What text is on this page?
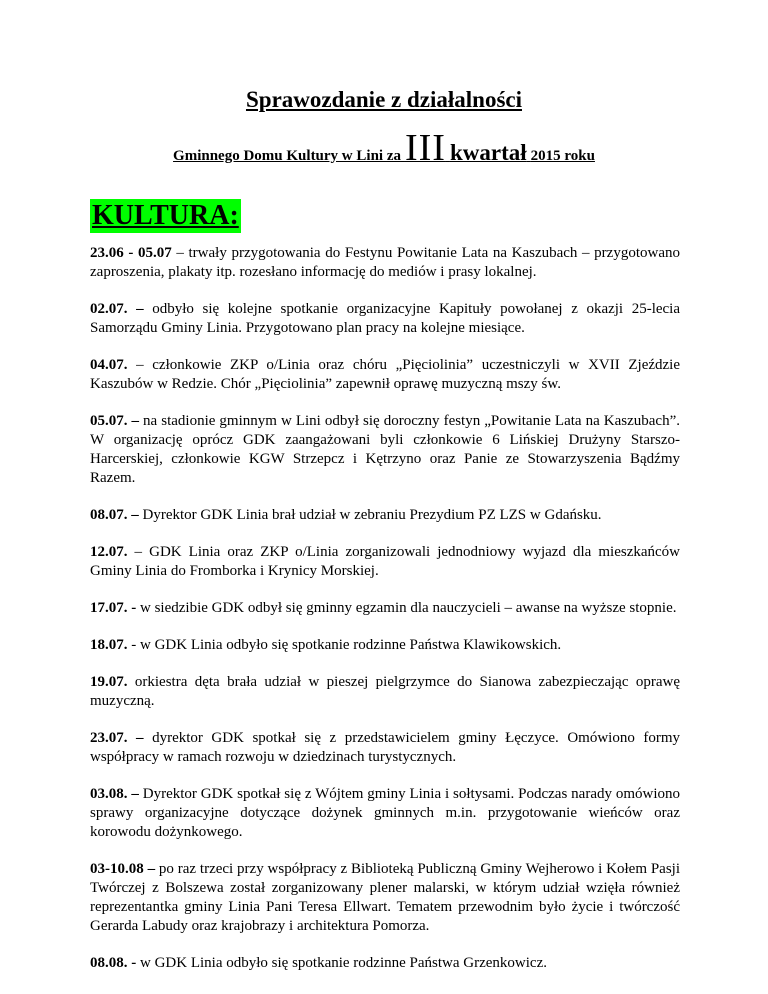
Sprawozdanie z działalności
Gminnego Domu Kultury w Lini za III kwartał 2015 roku
KULTURA:

23.06 - 05.07 – trwały przygotowania do Festynu Powitanie Lata na Kaszubach – przygotowano zaproszenia, plakaty itp. rozesłano informację do mediów i prasy lokalnej.

02.07. – odbyło się kolejne spotkanie organizacyjne Kapituły powołanej z okazji 25-lecia Samorządu Gminy Linia. Przygotowano plan pracy na kolejne miesiące.

04.07. – członkowie ZKP o/Linia oraz chóru „Pięciolinia” uczestniczyli w XVII Zjeździe Kaszubów w Redzie. Chór „Pięciolinia” zapewnił oprawę muzyczną mszy św.

05.07. – na stadionie gminnym w Lini odbył się doroczny festyn „Powitanie Lata na Kaszubach”. W organizację oprócz GDK zaangażowani byli członkowie 6 Lińskiej Drużyny Starszo-Harcerskiej, członkowie KGW Strzepcz i Kętrzyno oraz Panie ze Stowarzyszenia Bądźmy Razem.

08.07. – Dyrektor GDK Linia brał udział w zebraniu Prezydium PZ LZS w Gdańsku.

12.07. – GDK Linia oraz ZKP o/Linia zorganizowali jednodniowy wyjazd dla mieszkańców Gminy Linia do Fromborka i Krynicy Morskiej.

17.07. - w siedzibie GDK odbył się gminny egzamin dla nauczycieli – awanse na wyższe stopnie.

18.07. - w GDK Linia odbyło się spotkanie rodzinne Państwa Klawikowskich.

19.07. orkiestra dęta brała udział w pieszej pielgrzymce do Sianowa zabezpieczając oprawę muzyczną.

23.07. – dyrektor GDK spotkał się z przedstawicielem gminy Łęczyce. Omówiono formy współpracy w ramach rozwoju w dziedzinach turystycznych.

03.08. – Dyrektor GDK spotkał się z Wójtem gminy Linia i sołtysami. Podczas narady omówiono sprawy organizacyjne dotyczące dożynek gminnych m.in. przygotowanie wieńców oraz korowodu dożynkowego.

03-10.08 – po raz trzeci przy współpracy z Biblioteką Publiczną Gminy Wejherowo i Kołem Pasji Twórczej z Bolszewa został zorganizowany plener malarski, w którym udział wzięła również reprezentantka gminy Linia Pani Teresa Ellwart. Tematem przewodnim było życie i twórczość Gerarda Labudy oraz krajobrazy i architektura Pomorza.

08.08. - w GDK Linia odbyło się spotkanie rodzinne Państwa Grzenkowicz.
